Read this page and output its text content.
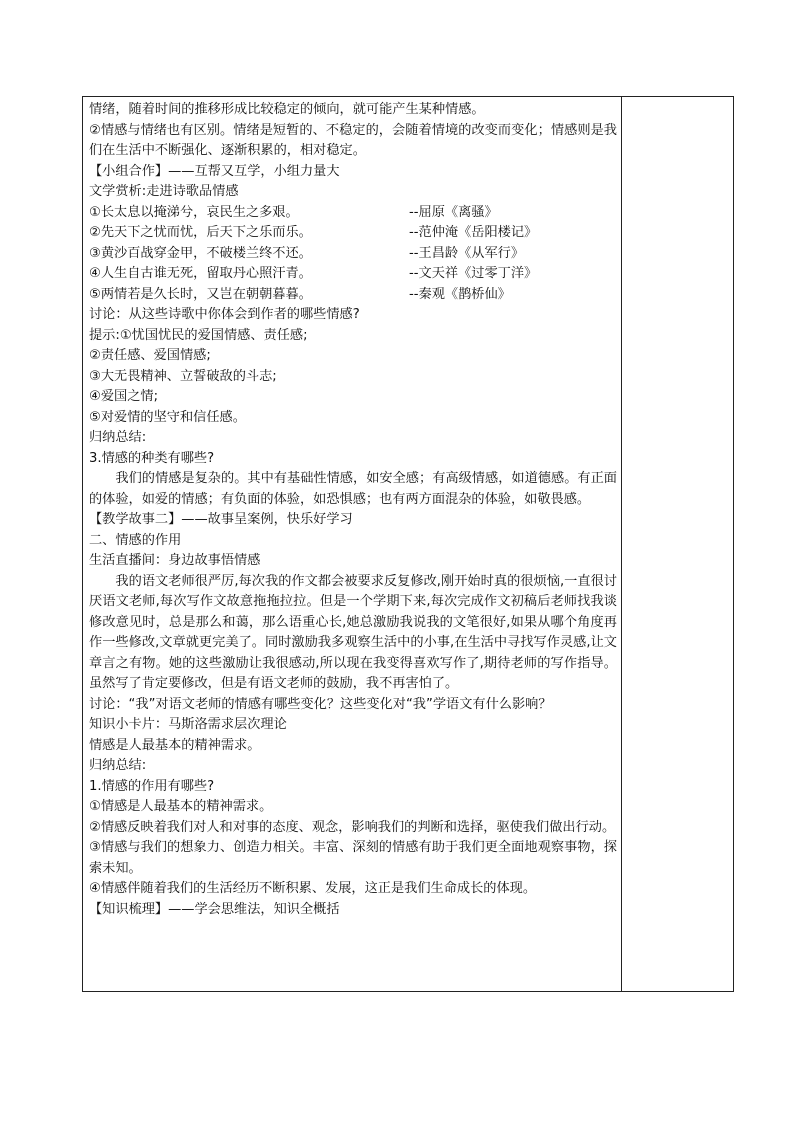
情绪，随着时间的推移形成比较稳定的倾向，就可能产生某种情感。
②情感与情绪也有区别。情绪是短暂的、不稳定的，会随着情境的改变而变化；情感则是我们在生活中不断强化、逐渐积累的，相对稳定。
【小组合作】——互帮又互学，小组力量大
文学赏析:走进诗歌品情感
①长太息以掩涕兮，哀民生之多艰。	--屈原《离骚》
②先天下之忧而忧，后天下之乐而乐。	--范仲淹《岳阳楼记》
③黄沙百战穿金甲，不破楼兰终不还。	--王昌龄《从军行》
④人生自古谁无死，留取丹心照汗青。	--文天祥《过零丁洋》
⑤两情若是久长时，又岂在朝朝暮暮。	--秦观《鹊桥仙》
讨论：从这些诗歌中你体会到作者的哪些情感?
提示:①忧国忧民的爱国情感、责任感;
②责任感、爱国情感;
③大无畏精神、立誓破敌的斗志;
④爱国之情;
⑤对爱情的坚守和信任感。
归纳总结:
3.情感的种类有哪些?
我们的情感是复杂的。其中有基础性情感，如安全感；有高级情感，如道德感。有正面的体验，如爱的情感；有负面的体验，如恐惧感；也有两方面混杂的体验，如敬畏感。
【教学故事二】——故事呈案例，快乐好学习
二、情感的作用
生活直播间：身边故事悟情感
我的语文老师很严厉,每次我的作文都会被要求反复修改,刚开始时真的很烦恼,一直很讨厌语文老师,每次写作文故意拖拖拉拉。但是一个学期下来,每次完成作文初稿后老师找我谈修改意见时，总是那么和蔼，那么语重心长,她总激励我说我的文笔很好,如果从哪个角度再作一些修改,文章就更完美了。同时激励我多观察生活中的小事,在生活中寻找写作灵感,让文章言之有物。她的这些激励让我很感动,所以现在我变得喜欢写作了,期待老师的写作指导。虽然写了肯定要修改，但是有语文老师的鼓励，我不再害怕了。
讨论：“我”对语文老师的情感有哪些变化？这些变化对“我”学语文有什么影响？
知识小卡片：马斯洛需求层次理论
情感是人最基本的精神需求。
归纳总结:
1.情感的作用有哪些?
①情感是人最基本的精神需求。
②情感反映着我们对人和对事的态度、观念，影响我们的判断和选择，驱使我们做出行动。
③情感与我们的想象力、创造力相关。丰富、深刻的情感有助于我们更全面地观察事物，探索未知。
④情感伴随着我们的生活经历不断积累、发展，这正是我们生命成长的体现。
【知识梳理】——学会思维法，知识全概括
